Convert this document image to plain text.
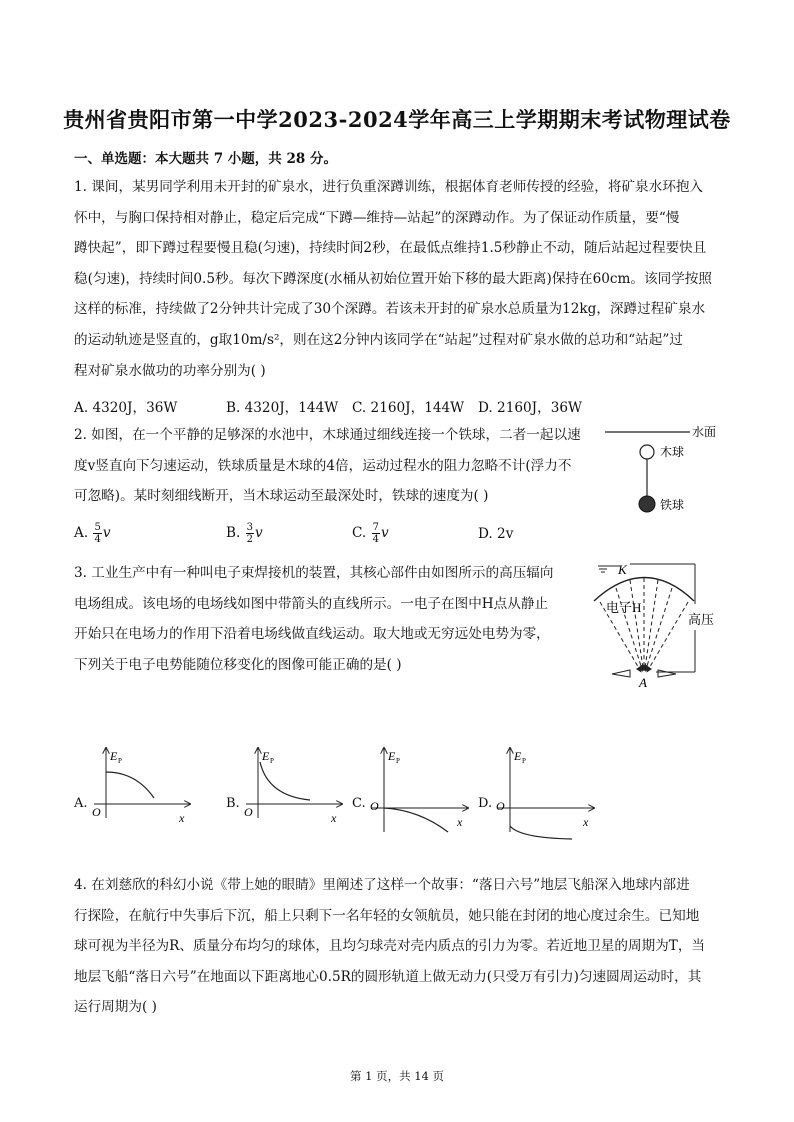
贵州省贵阳市第一中学2023-2024学年高三上学期期末考试物理试卷
一、单选题：本大题共 7 小题，共 28 分。
1. 课间，某男同学利用未开封的矿泉水，进行负重深蹲训练，根据体育老师传授的经验，将矿泉水环抱入
怀中，与胸口保持相对静止，稳定后完成“下蹲—维持—站起”的深蹲动作。为了保证动作质量，要“慢
蹲快起”，即下蹲过程要慢且稳(匀速)，持续时间2秒，在最低点维持1.5秒静止不动，随后站起过程要快且
稳(匀速)，持续时间0.5秒。每次下蹲深度(水桶从初始位置开始下移的最大距离)保持在60cm。该同学按照
这样的标准，持续做了2分钟共计完成了30个深蹲。若该未开封的矿泉水总质量为12kg，深蹲过程矿泉水
的运动轨迹是竖直的，g取10m/s²，则在这2分钟内该同学在“站起”过程对矿泉水做的总功和“站起”过
程对矿泉水做功的功率分别为( )
A. 4320J，36W	B. 4320J，144W C. 2160J，144W D. 2160J，36W
2. 如图，在一个平静的足够深的水池中，木球通过细线连接一个铁球，二者一起以速
度v竖直向下匀速运动，铁球质量是木球的4倍，运动过程水的阻力忽略不计(浮力不
可忽略)。某时刻细线断开，当木球运动至最深处时，铁球的速度为( )
A. $\frac{5}{4}$ v	B. $\frac{3}{2}$ v	C. $\frac{7}{4}$ v	D. 2v
水面
木球
铁球
3. 工业生产中有一种叫电子束焊接机的装置，其核心部件由如图所示的高压辐向
电场组成。该电场的电场线如图中带箭头的直线所示。一电子在图中H点从静止
开始只在电场力的作用下沿着电场线做直线运动。取大地或无穷远处电势为零，
下列关于电子电势能随位移变化的图像可能正确的是( )
K
电子H
高压
A
A.
E P
O	x
B.
E P
O	x
C.
E P
O
x
D.
E P
O
x
4. 在刘慈欣的科幻小说《带上她的眼睛》里阐述了这样一个故事：“落日六号”地层飞船深入地球内部进
行探险，在航行中失事后下沉，船上只剩下一名年轻的女领航员，她只能在封闭的地心度过余生。已知地
球可视为半径为R、质量分布均匀的球体，且均匀球壳对壳内质点的引力为零。若近地卫星的周期为T，当
地层飞船“落日六号”在地面以下距离地心0.5R的圆形轨道上做无动力(只受万有引力)匀速圆周运动时，其
运行周期为( )
第 1 页，共 14 页
